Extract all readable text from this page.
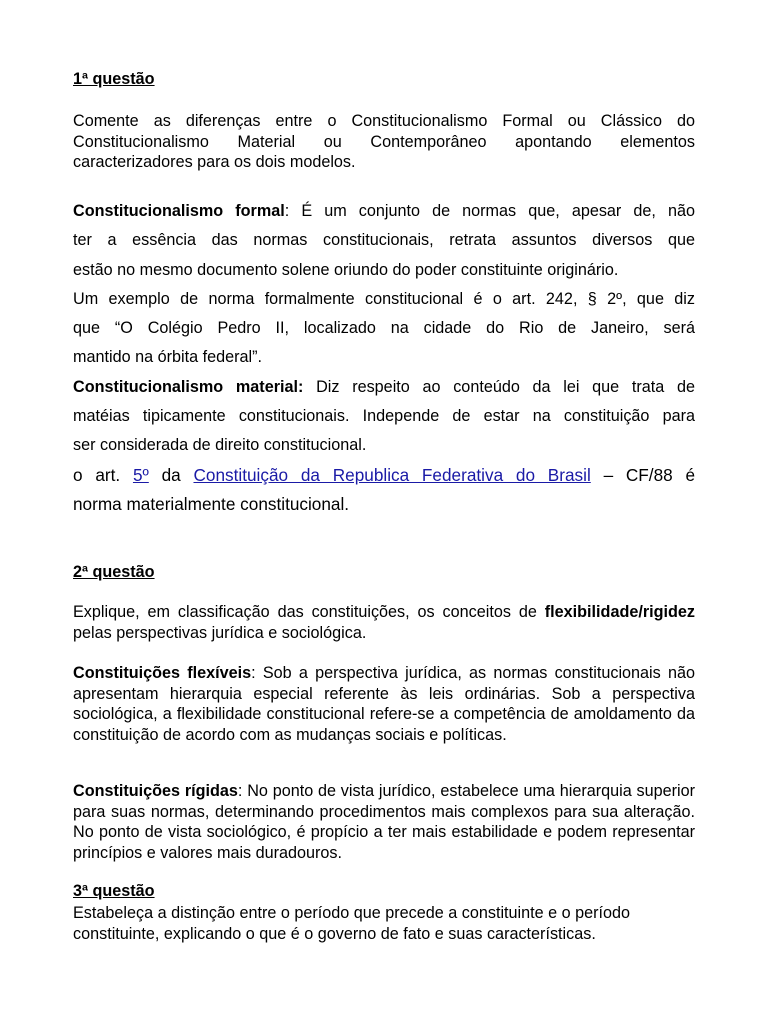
1ª questão

Comente as diferenças entre o Constitucionalismo Formal ou Clássico do Constitucionalismo Material ou Contemporâneo apontando elementos caracterizadores para os dois modelos.

Constitucionalismo formal: É um conjunto de normas que, apesar de, não
ter a essência das normas constitucionais, retrata assuntos diversos que
estão no mesmo documento solene oriundo do poder constituinte originário.
Um exemplo de norma formalmente constitucional é o art. 242, § 2º, que diz
que “O Colégio Pedro II, localizado na cidade do Rio de Janeiro, será
mantido na órbita federal”.
Constitucionalismo material: Diz respeito ao conteúdo da lei que trata de
matéias tipicamente constitucionais. Independe de estar na constituição para
ser considerada de direito constitucional.
o art. 5º da Constituição da Republica Federativa do Brasil – CF/88 é
norma materialmente constitucional.

2ª questão

Explique, em classificação das constituições, os conceitos de flexibilidade/rigidez pelas perspectivas jurídica e sociológica.

Constituições flexíveis: Sob a perspectiva jurídica, as normas constitucionais não apresentam hierarquia especial referente às leis ordinárias. Sob a perspectiva sociológica, a flexibilidade constitucional refere-se a competência de amoldamento da constituição de acordo com as mudanças sociais e políticas.

Constituições rígidas: No ponto de vista jurídico, estabelece uma hierarquia superior para suas normas, determinando procedimentos mais complexos para sua alteração. No ponto de vista sociológico, é propício a ter mais estabilidade e podem representar princípios e valores mais duradouros.

3ª questão

Estabeleça a distinção entre o período que precede a constituinte e o período constituinte, explicando o que é o governo de fato e suas características.
